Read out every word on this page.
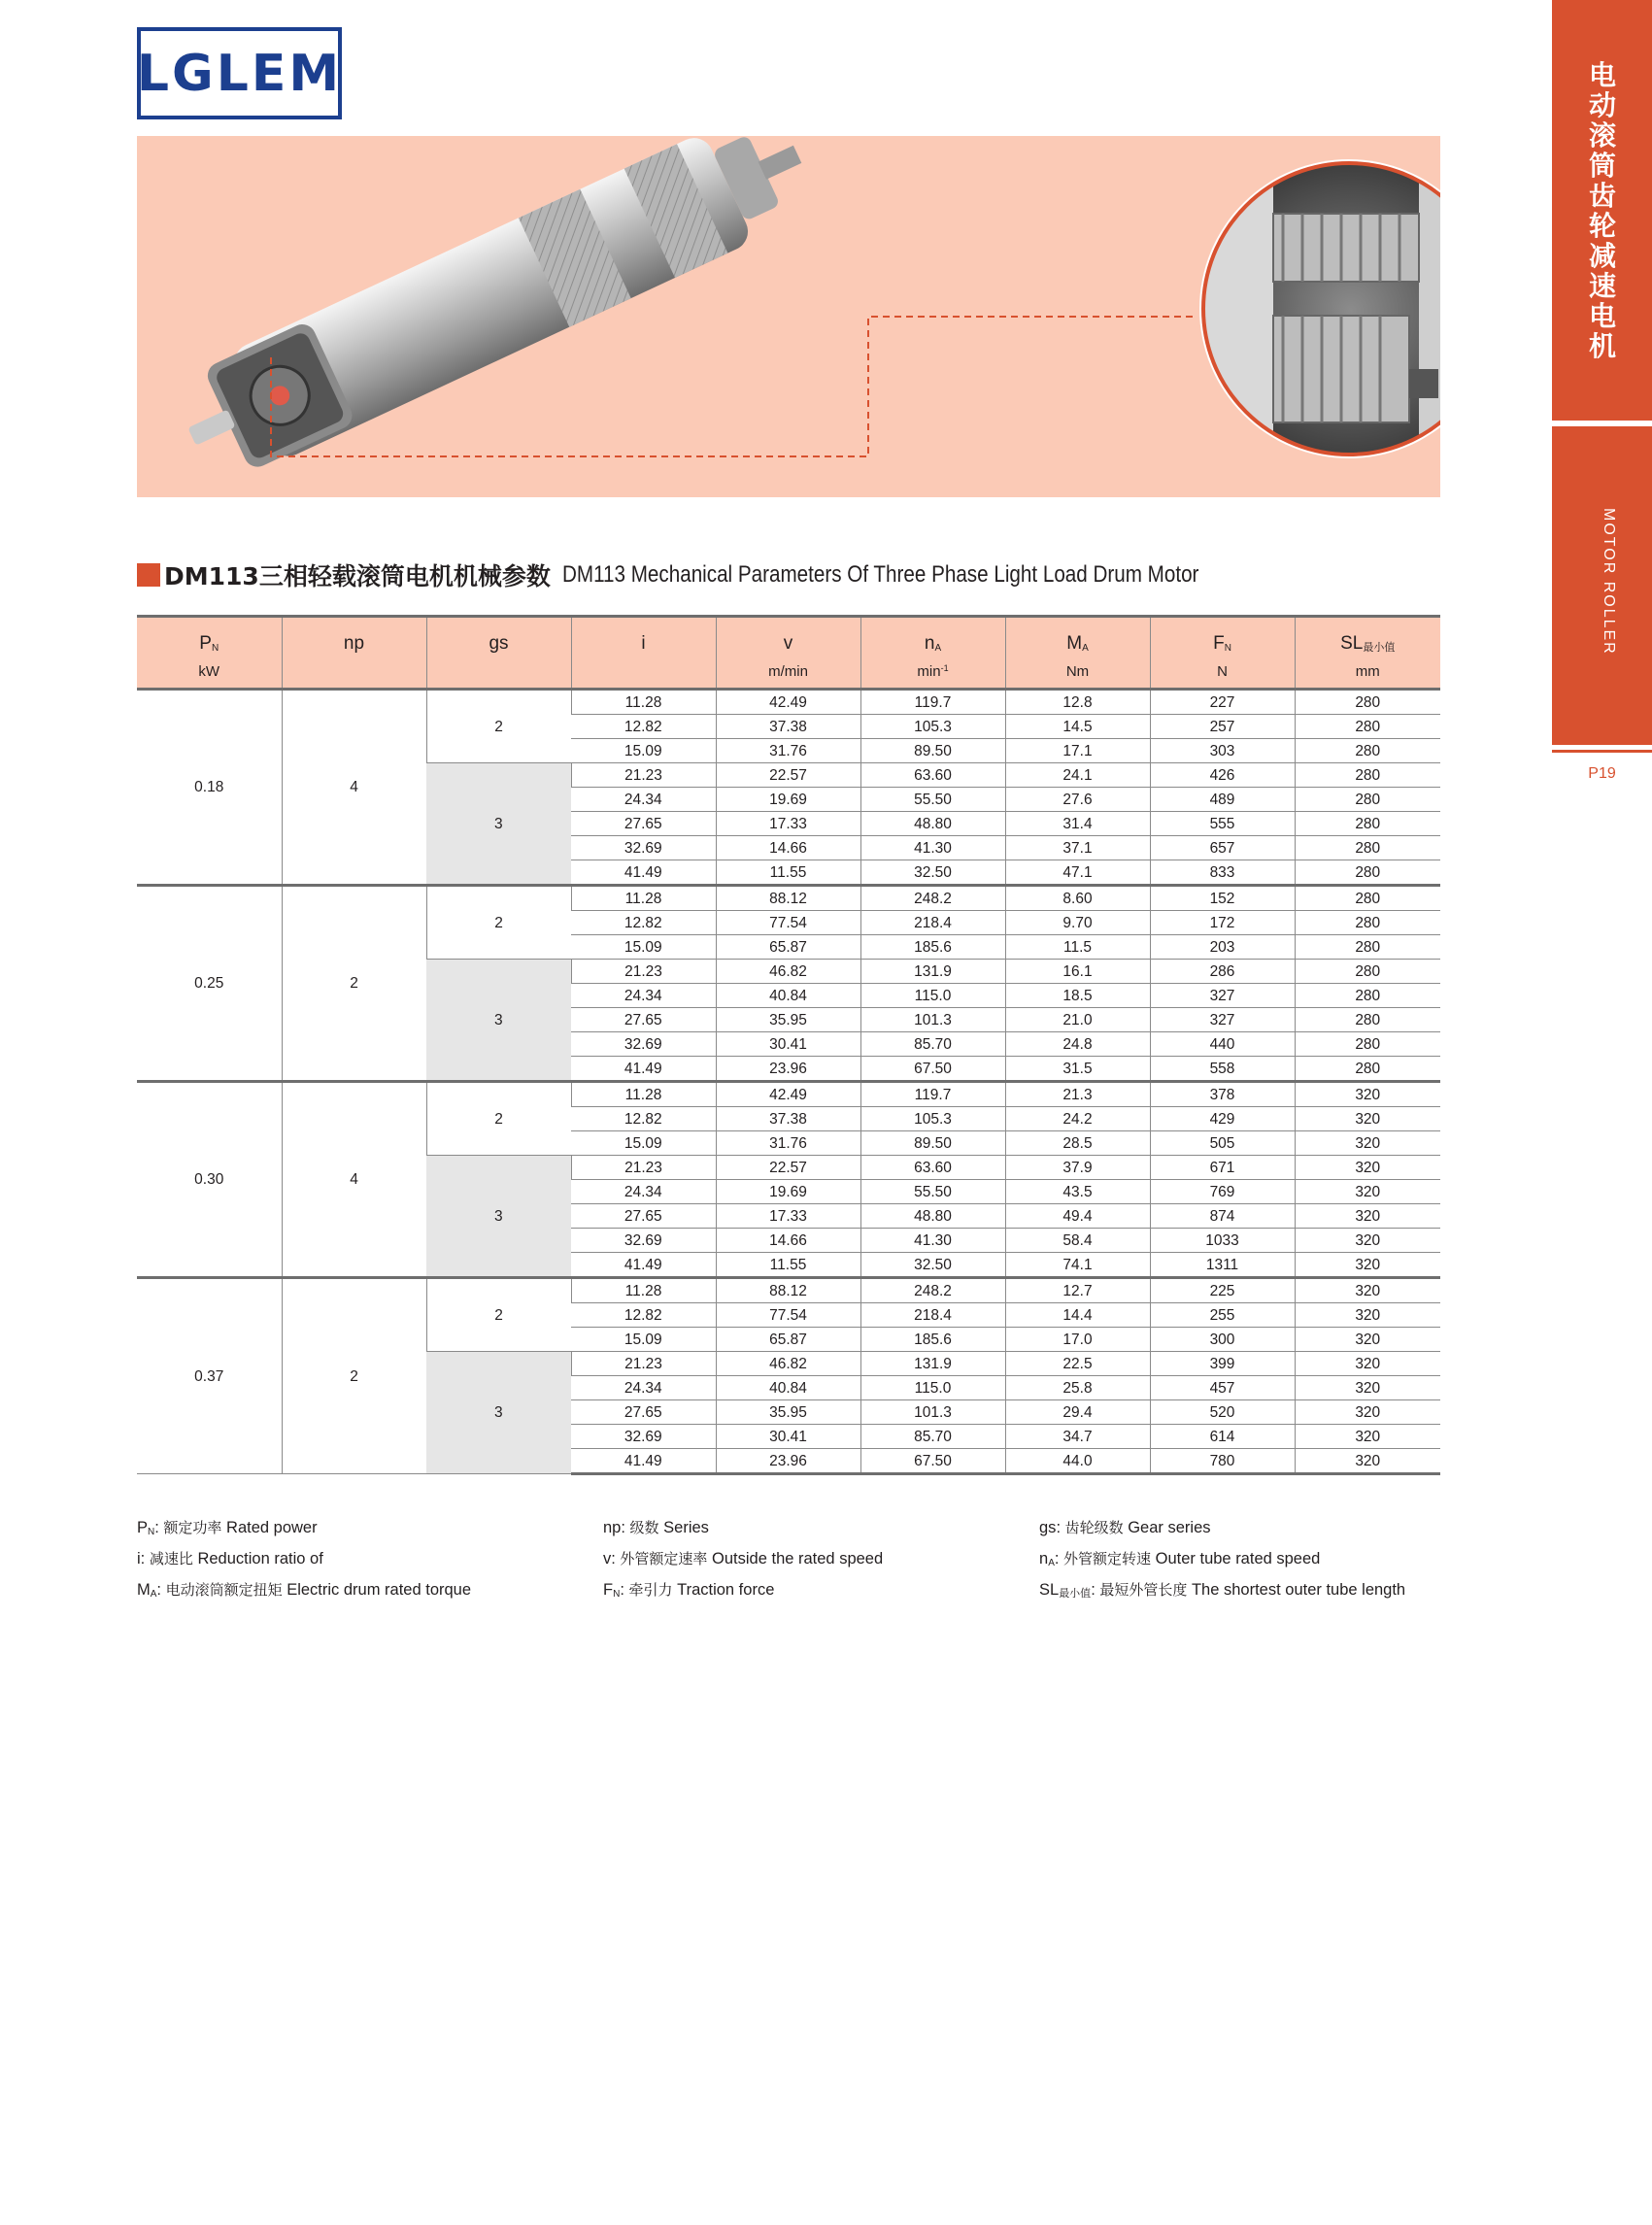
LGLEM	电动滚筒齿轮减速电机
MOTOR ROLLER
P19
DM113三相轻载滚筒电机机械参数 DM113 Mechanical Parameters Of Three Phase Light Load Drum Motor
$P_N$	np	gs	i	v	$n_A$	$M_A$	$F_N$	$SL_{最小值}$
kW				m/min	$\min^{-1}$	Nm	N	mm
0.18	4	2	11.28	42.49	119.7	12.8	227	280
			12.82	37.38	105.3	14.5	257	280
			15.09	31.76	89.50	17.1	303	280
		3	21.23	22.57	63.60	24.1	426	280
			24.34	19.69	55.50	27.6	489	280
			27.65	17.33	48.80	31.4	555	280
			32.69	14.66	41.30	37.1	657	280
			41.49	11.55	32.50	47.1	833	280
0.25	2	2	11.28	88.12	248.2	8.60	152	280
			12.82	77.54	218.4	9.70	172	280
			15.09	65.87	185.6	11.5	203	280
		3	21.23	46.82	131.9	16.1	286	280
			24.34	40.84	115.0	18.5	327	280
			27.65	35.95	101.3	21.0	327	280
			32.69	30.41	85.70	24.8	440	280
			41.49	23.96	67.50	31.5	558	280
0.30	4	2	11.28	42.49	119.7	21.3	378	320
			12.82	37.38	105.3	24.2	429	320
			15.09	31.76	89.50	28.5	505	320
		3	21.23	22.57	63.60	37.9	671	320
			24.34	19.69	55.50	43.5	769	320
			27.65	17.33	48.80	49.4	874	320
			32.69	14.66	41.30	58.4	1033	320
			41.49	11.55	32.50	74.1	1311	320
0.37	2	2	11.28	88.12	248.2	12.7	225	320
			12.82	77.54	218.4	14.4	255	320
			15.09	65.87	185.6	17.0	300	320
		3	21.23	46.82	131.9	22.5	399	320
			24.34	40.84	115.0	25.8	457	320
			27.65	35.95	101.3	29.4	520	320
			32.69	30.41	85.70	34.7	614	320
			41.49	23.96	67.50	44.0	780	320
$P_N$: 额定功率 Rated power
i: 减速比 Reduction ratio of
$M_A$: 电动滚筒额定扭矩 Electric drum rated torque
np: 级数 Series
v: 外管额定速率 Outside the rated speed
$F_N$: 牵引力 Traction force
gs: 齿轮级数 Gear series
$n_A$: 外管额定转速 Outer tube rated speed
$SL_{最小值}$: 最短外管长度 The shortest outer tube length
